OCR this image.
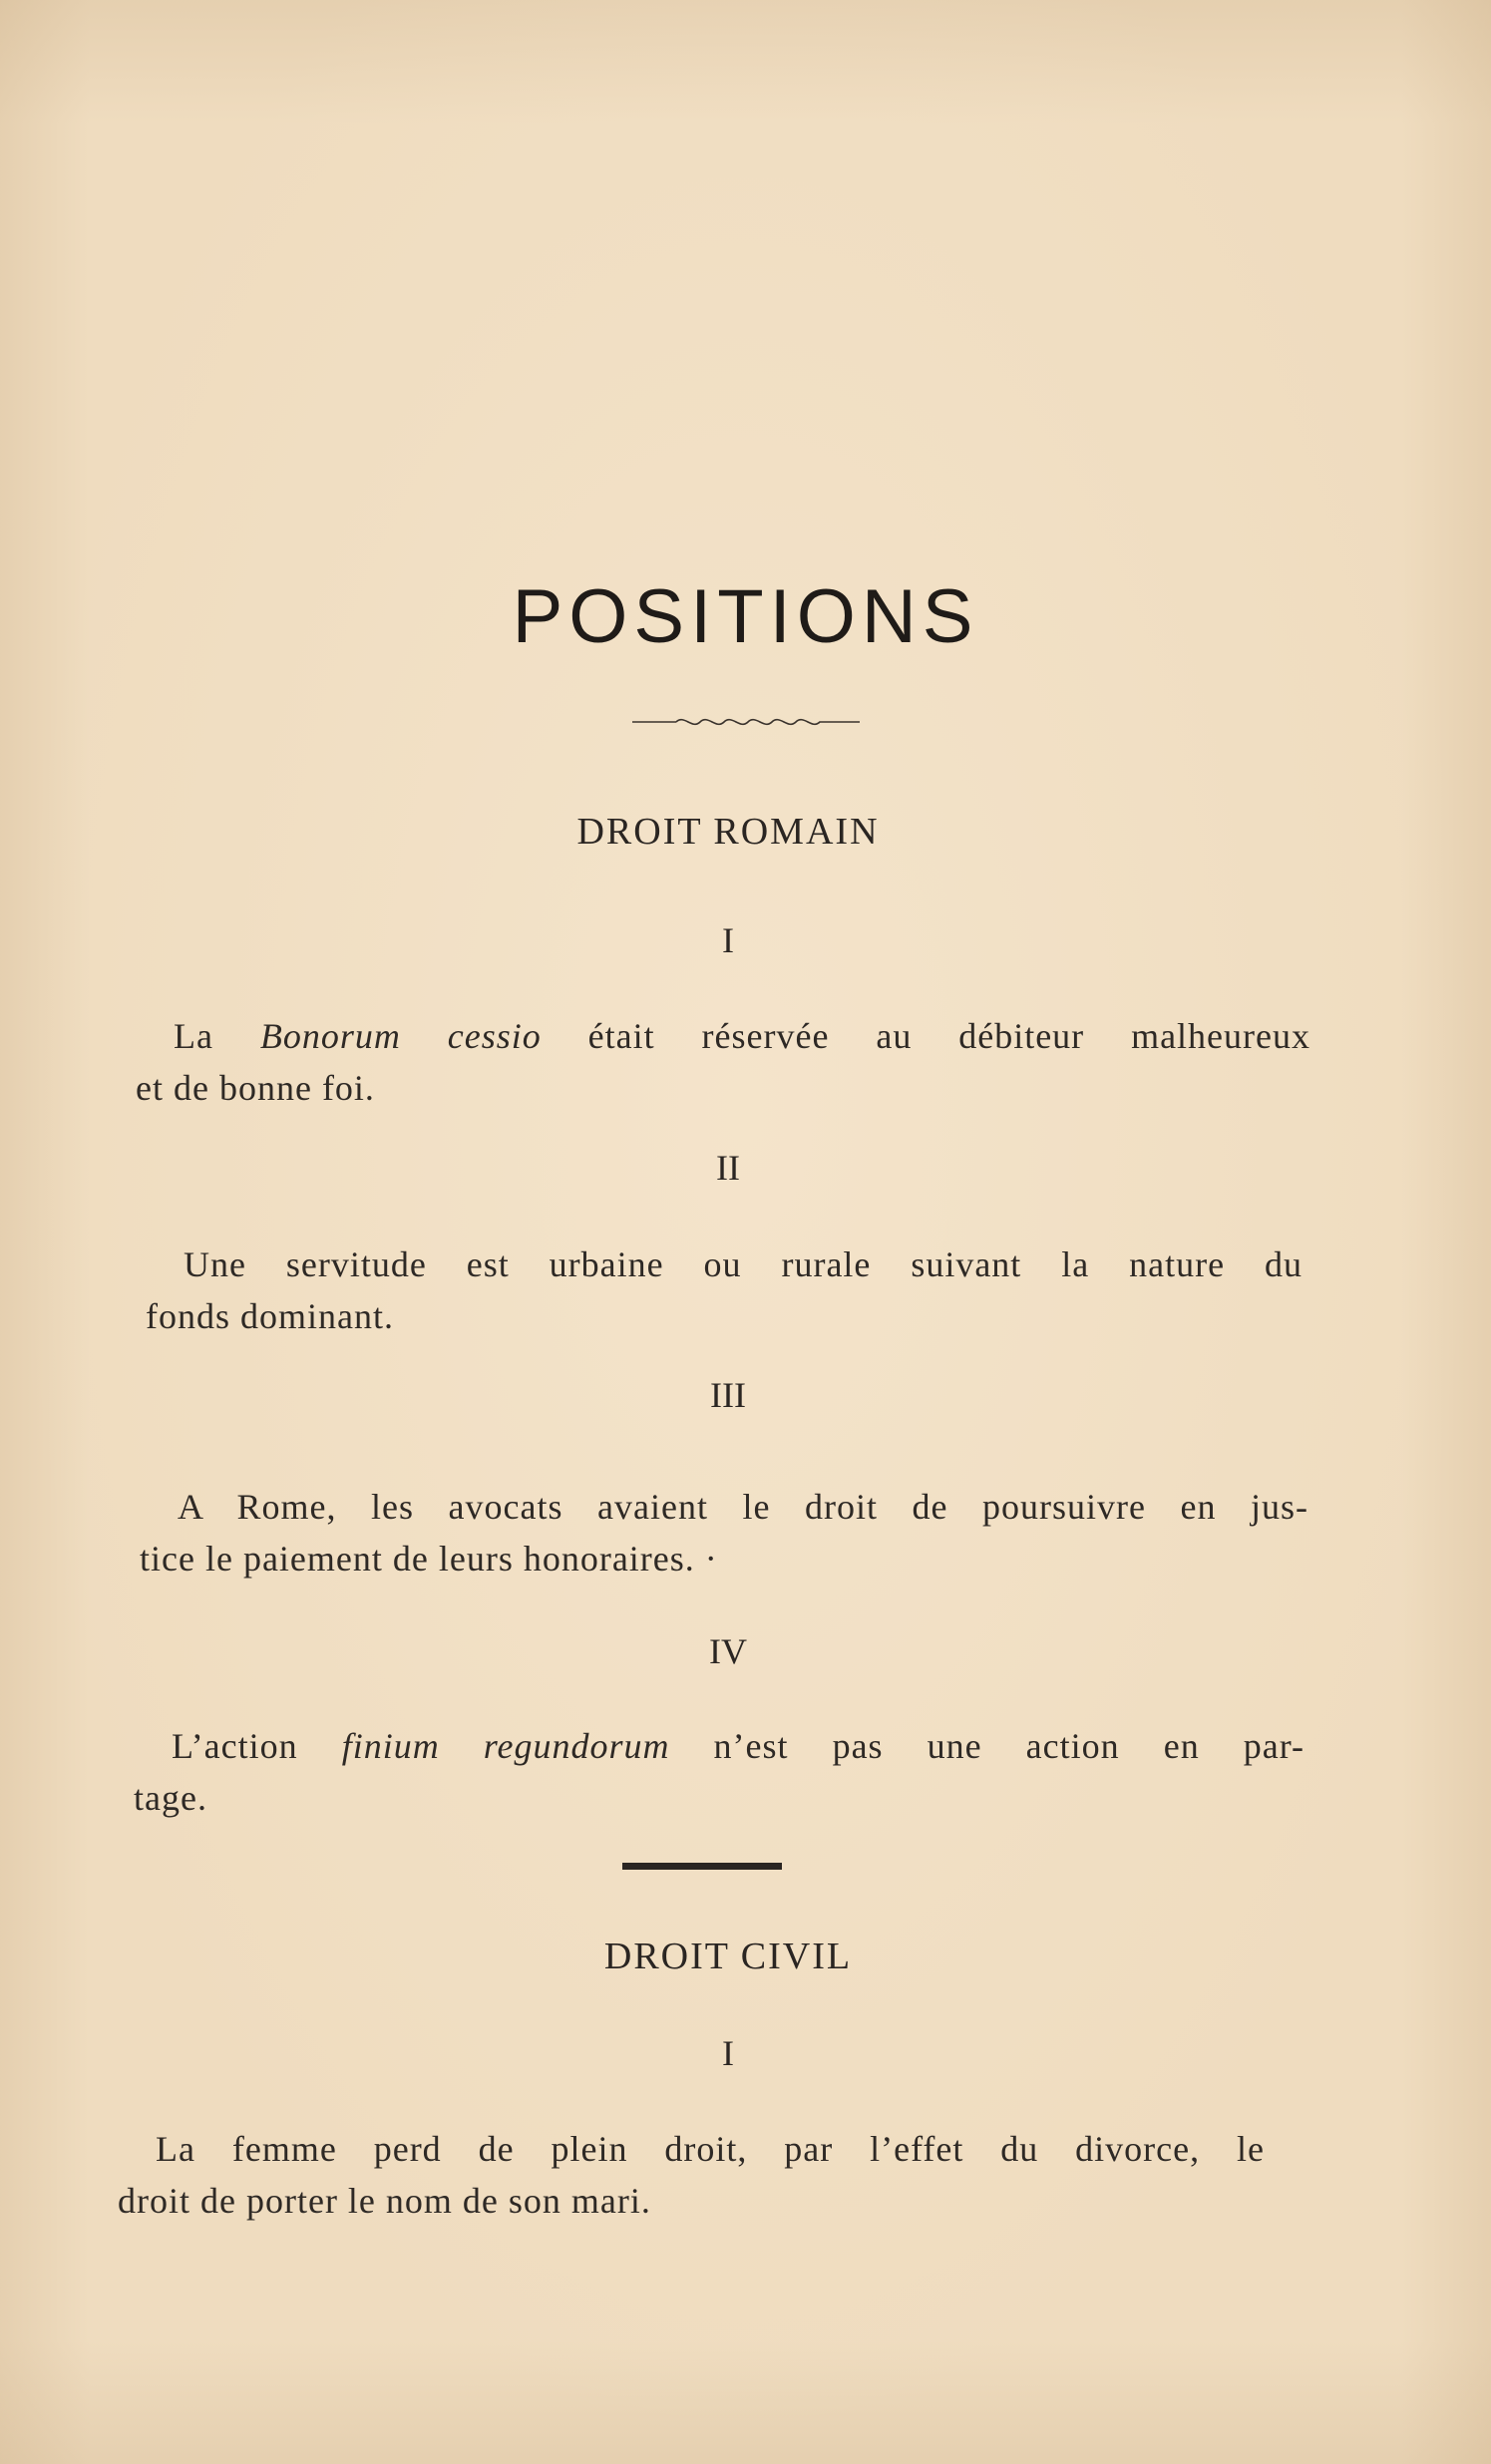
POSITIONS
DROIT ROMAIN
I

La Bonorum cessio était réservée au débiteur malheureux
et de bonne foi.

II

Une servitude est urbaine ou rurale suivant la nature du
fonds dominant.

III

A Rome, les avocats avaient le droit de poursuivre en jus-
tice le paiement de leurs honoraires. ·

IV

L’action finium regundorum n’est pas une action en par-
tage.

DROIT CIVIL
I

La femme perd de plein droit, par l’effet du divorce, le
droit de porter le nom de son mari.
